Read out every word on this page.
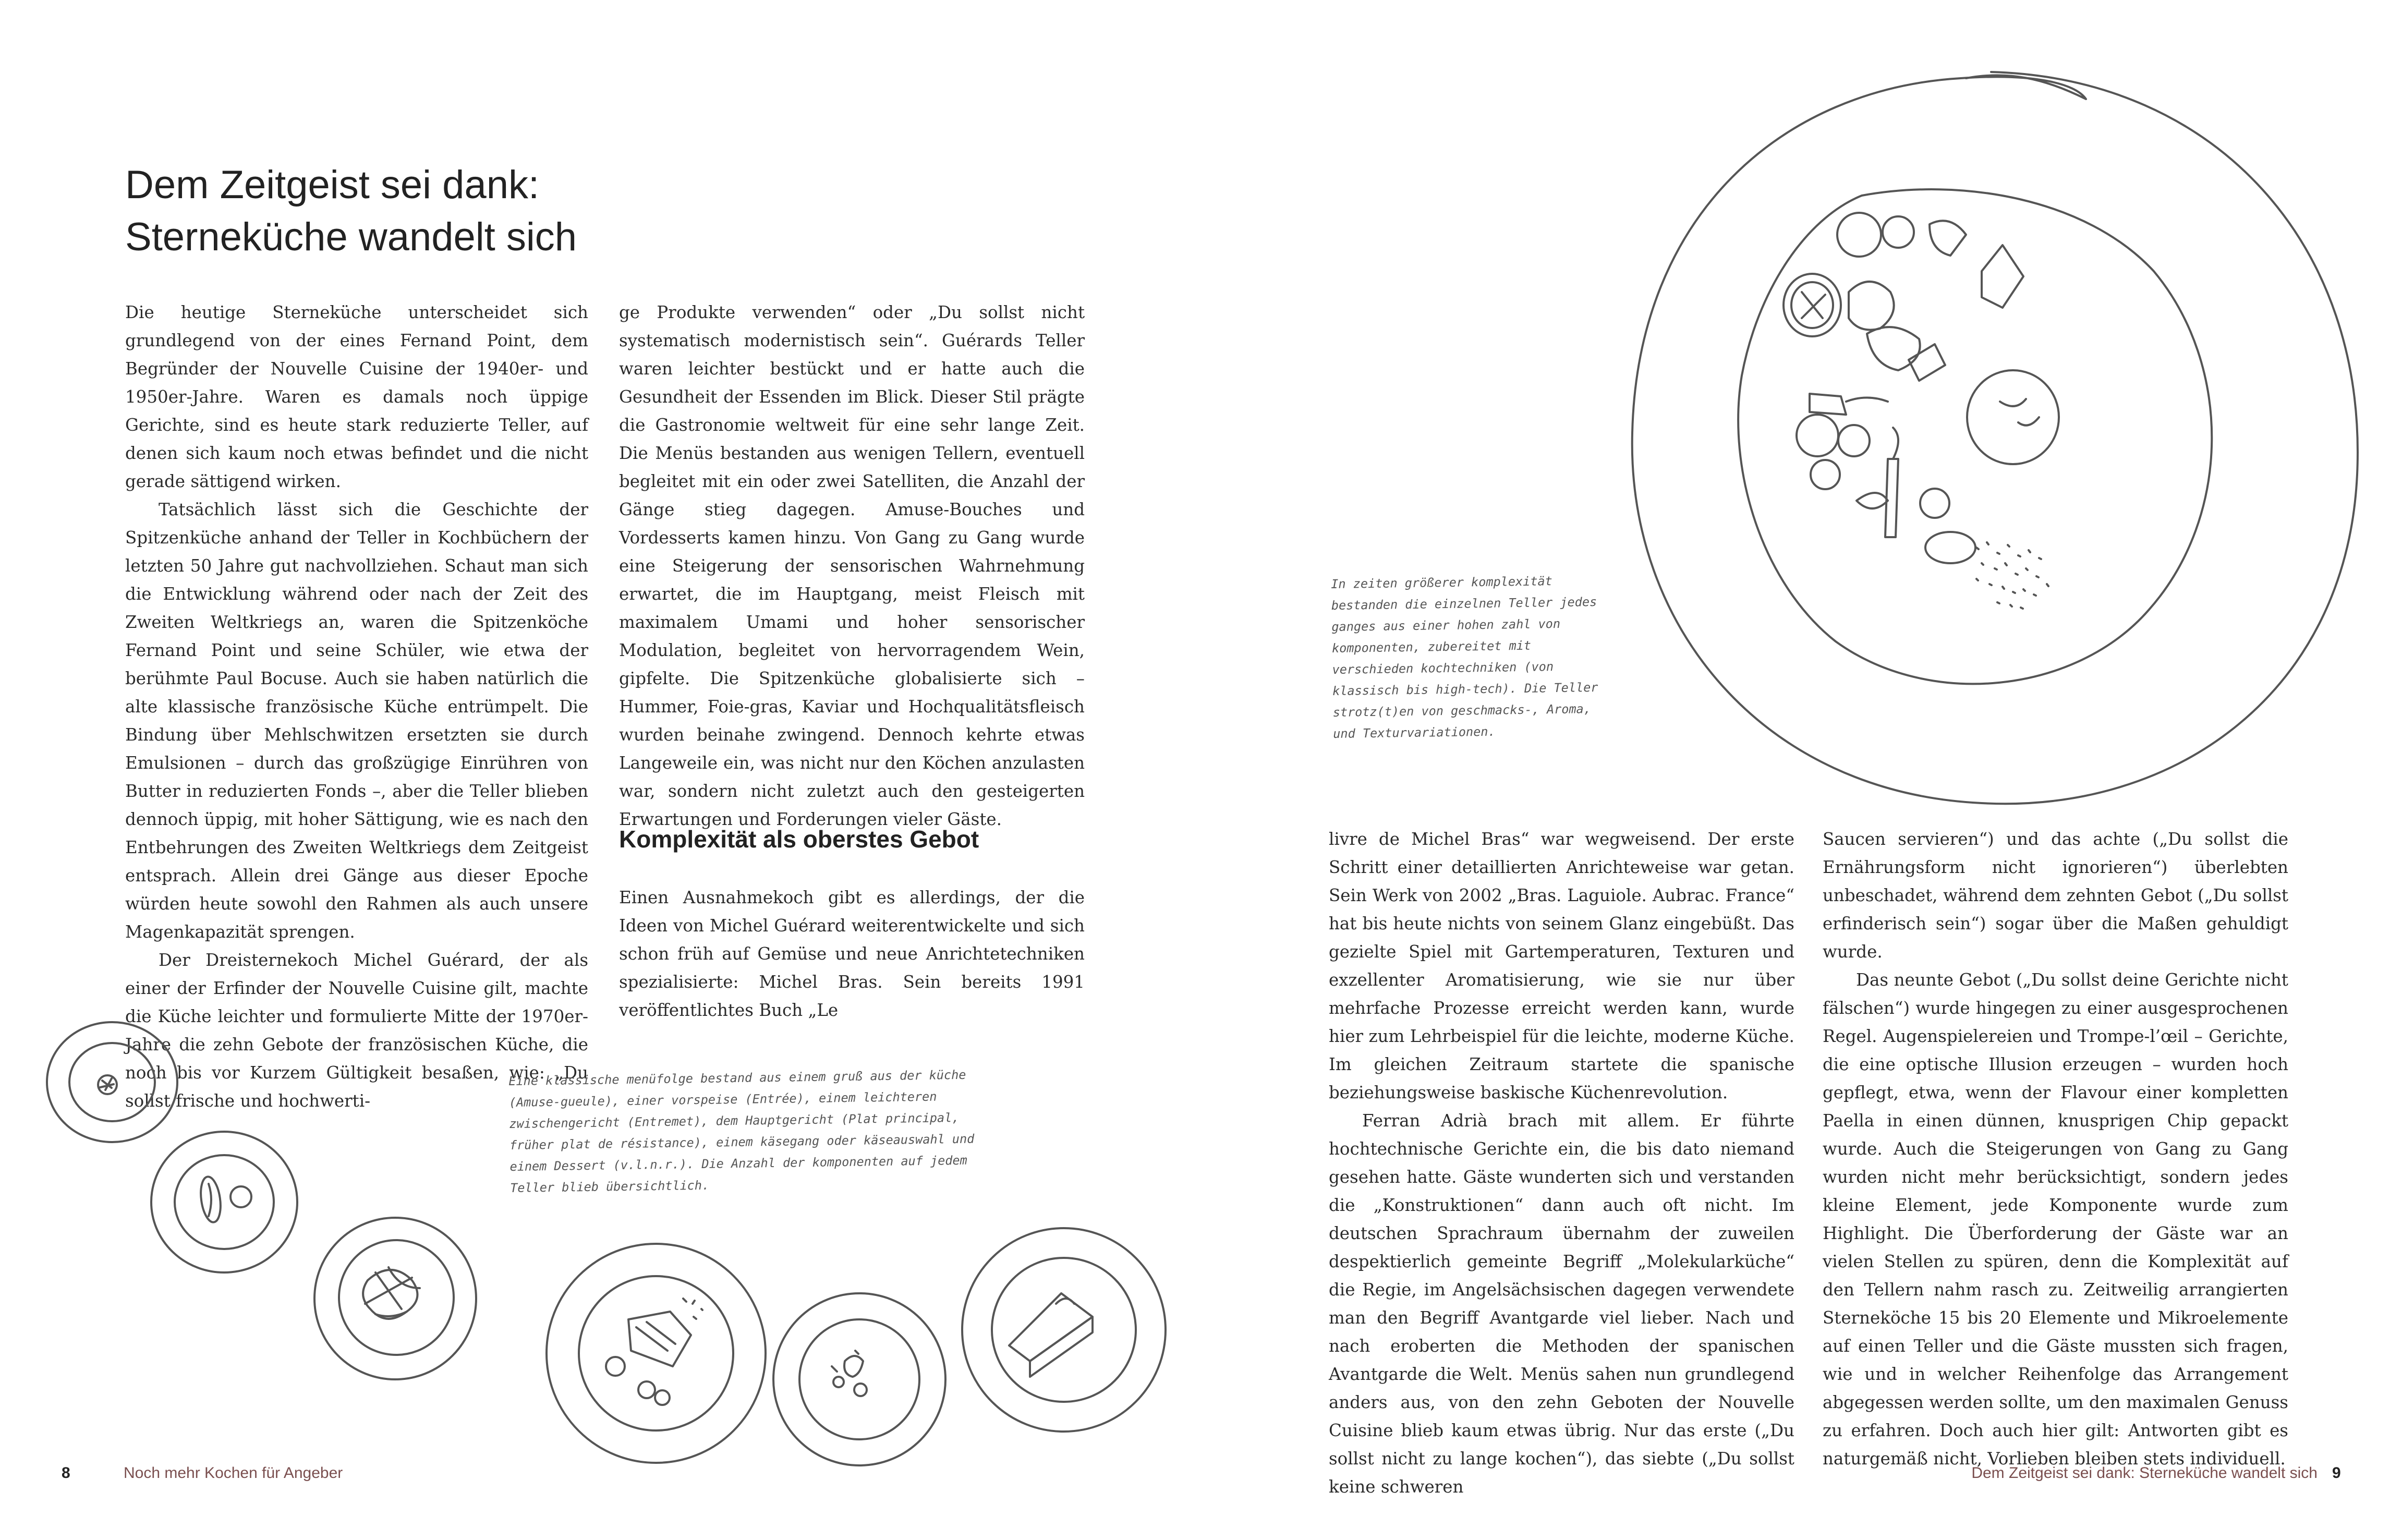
Dem Zeitgeist sei dank:
Sterneküche wandelt sich

Die heutige Sterneküche unterscheidet sich grundlegend von der eines Fernand Point, dem Begründer der Nouvelle Cuisine der 1940er- und 1950er-Jahre. Waren es damals noch üppige Gerichte, sind es heute stark reduzierte Teller, auf denen sich kaum noch etwas befindet und die nicht gerade sättigend wirken.

Tatsächlich lässt sich die Geschichte der Spitzenküche anhand der Teller in Kochbüchern der letzten 50 Jahre gut nachvollziehen. Schaut man sich die Entwicklung während oder nach der Zeit des Zweiten Weltkriegs an, waren die Spitzenköche Fernand Point und seine Schüler, wie etwa der berühmte Paul Bocuse. Auch sie haben natürlich die alte klassische französische Küche entrümpelt. Die Bindung über Mehlschwitzen ersetzten sie durch Emulsionen – durch das großzügige Einrühren von Butter in reduzierten Fonds –, aber die Teller blieben dennoch üppig, mit hoher Sättigung, wie es nach den Entbehrungen des Zweiten Weltkriegs dem Zeitgeist entsprach. Allein drei Gänge aus dieser Epoche würden heute sowohl den Rahmen als auch unsere Magenkapazität sprengen.

Der Dreisternekoch Michel Guérard, der als einer der Erfinder der Nouvelle Cuisine gilt, machte die Küche leichter und formulierte Mitte der 1970er-Jahre die zehn Gebote der französischen Küche, die noch bis vor Kurzem Gültigkeit besaßen, wie: „Du sollst frische und hochwerti-

ge Produkte verwenden“ oder „Du sollst nicht systematisch modernistisch sein“. Guérards Teller waren leichter bestückt und er hatte auch die Gesundheit der Essenden im Blick. Dieser Stil prägte die Gastronomie weltweit für eine sehr lange Zeit. Die Menüs bestanden aus wenigen Tellern, eventuell begleitet mit ein oder zwei Satelliten, die Anzahl der Gänge stieg dagegen. Amuse-Bouches und Vordesserts kamen hinzu. Von Gang zu Gang wurde eine Steigerung der sensorischen Wahrnehmung erwartet, die im Hauptgang, meist Fleisch mit maximalem Umami und hoher sensorischer Modulation, begleitet von hervorragendem Wein, gipfelte. Die Spitzenküche globalisierte sich – Hummer, Foie-gras, Kaviar und Hochqualitätsfleisch wurden beinahe zwingend. Dennoch kehrte etwas Langeweile ein, was nicht nur den Köchen anzulasten war, sondern nicht zuletzt auch den gesteigerten Erwartungen und Forderungen vieler Gäste.

Komplexität als oberstes Gebot

Einen Ausnahmekoch gibt es allerdings, der die Ideen von Michel Guérard weiterentwickelte und sich schon früh auf Gemüse und neue Anrichtetechniken spezialisierte: Michel Bras. Sein bereits 1991 veröffentlichtes Buch „Le

Eine klassische menüfolge bestand aus einem gruß aus der küche (Amuse-gueule), einer vorspeise (Entrée), einem leichteren zwischengericht (Entremet), dem Hauptgericht (Plat principal, früher plat de résistance), einem käsegang oder käseauswahl und einem Dessert (v.l.n.r.). Die Anzahl der komponenten auf jedem Teller blieb übersichtlich.

8	Noch mehr Kochen für Angeber

In zeiten größerer komplexität bestanden die einzelnen Teller jedes ganges aus einer hohen zahl von komponenten, zubereitet mit verschieden kochtechniken (von klassisch bis high-tech). Die Teller strotz(t)en von geschmacks-, Aroma, und Texturvariationen.

livre de Michel Bras“ war wegweisend. Der erste Schritt einer detaillierten Anrichteweise war getan. Sein Werk von 2002 „Bras. Laguiole. Aubrac. France“ hat bis heute nichts von seinem Glanz eingebüßt. Das gezielte Spiel mit Gartemperaturen, Texturen und exzellenter Aromatisierung, wie sie nur über mehrfache Prozesse erreicht werden kann, wurde hier zum Lehrbeispiel für die leichte, moderne Küche. Im gleichen Zeitraum startete die spanische beziehungsweise baskische Küchenrevolution.

Ferran Adrià brach mit allem. Er führte hochtechnische Gerichte ein, die bis dato niemand gesehen hatte. Gäste wunderten sich und verstanden die „Konstruktionen“ dann auch oft nicht. Im deutschen Sprachraum übernahm der zuweilen despektierlich gemeinte Begriff „Molekularküche“ die Regie, im Angelsächsischen dagegen verwendete man den Begriff Avantgarde viel lieber. Nach und nach eroberten die Methoden der spanischen Avantgarde die Welt. Menüs sahen nun grundlegend anders aus, von den zehn Geboten der Nouvelle Cuisine blieb kaum etwas übrig. Nur das erste („Du sollst nicht zu lange kochen“), das siebte („Du sollst keine schweren

Saucen servieren“) und das achte („Du sollst die Ernährungsform nicht ignorieren“) überlebten unbeschadet, während dem zehnten Gebot („Du sollst erfinderisch sein“) sogar über die Maßen gehuldigt wurde.

Das neunte Gebot („Du sollst deine Gerichte nicht fälschen“) wurde hingegen zu einer ausgesprochenen Regel. Augenspielereien und Trompe-l’œil – Gerichte, die eine optische Illusion erzeugen – wurden hoch gepflegt, etwa, wenn der Flavour einer kompletten Paella in einen dünnen, knusprigen Chip gepackt wurde. Auch die Steigerungen von Gang zu Gang wurden nicht mehr berücksichtigt, sondern jedes kleine Element, jede Komponente wurde zum Highlight. Die Überforderung der Gäste war an vielen Stellen zu spüren, denn die Komplexität auf den Tellern nahm rasch zu. Zeitweilig arrangierten Sterneköche 15 bis 20 Elemente und Mikroelemente auf einen Teller und die Gäste mussten sich fragen, wie und in welcher Reihenfolge das Arrangement abgegessen werden sollte, um den maximalen Genuss zu erfahren. Doch auch hier gilt: Antworten gibt es naturgemäß nicht, Vorlieben bleiben stets individuell.

Dem Zeitgeist sei dank: Sterneküche wandelt sich 9
